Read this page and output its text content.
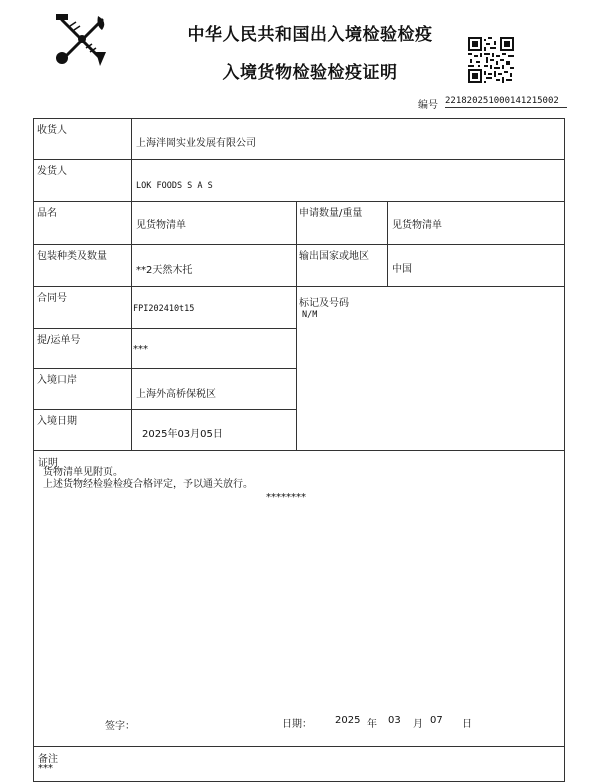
中华人民共和国出入境检验检疫
入境货物检验检疫证明
编号 22182025100014121500​2
收货人
上海泮岡实业发展有限公司
发货人
LOK FOODS S A S
品名
见货物清单
申请数量/重量
见货物清单
包装种类及数量
**2天然木托
输出国家或地区
中国
合同号
FPI202410t15	标记及号码
N/M
提/运单号
***
入境口岸
上海外高桥保税区
入境日期
2025年03月05日
证明
货物清单见附页。
上述货物经检验检疫合格评定，予以通关放行。
********
签字：	日期： 2025 年 03 月 07 日
备注
***
